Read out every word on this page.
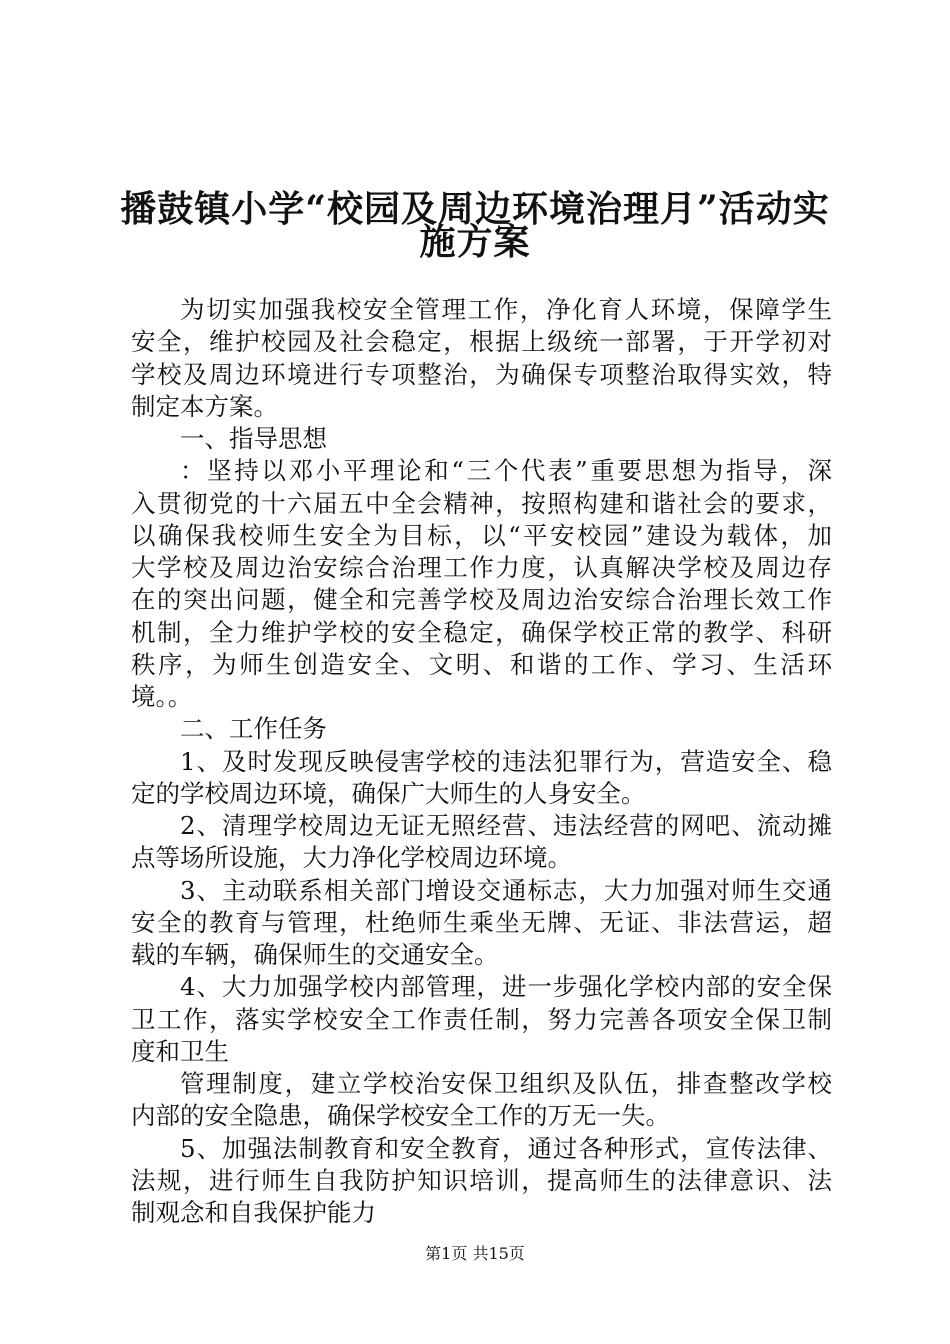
播鼓镇小学“校园及周边环境治理月”活动实
施方案
为切实加强我校安全管理工作，净化育人环境，保障学生
安全，维护校园及社会稳定，根据上级统一部署，于开学初对
学校及周边环境进行专项整治，为确保专项整治取得实效，特
制定本方案。
一、指导思想
：坚持以邓小平理论和“三个代表”重要思想为指导，深
入贯彻党的十六届五中全会精神，按照构建和谐社会的要求，
以确保我校师生安全为目标，以“平安校园”建设为载体，加
大学校及周边治安综合治理工作力度，认真解决学校及周边存
在的突出问题，健全和完善学校及周边治安综合治理长效工作
机制，全力维护学校的安全稳定，确保学校正常的教学、科研
秩序，为师生创造安全、文明、和谐的工作、学习、生活环
境。。
二、工作任务
1、及时发现反映侵害学校的违法犯罪行为，营造安全、稳
定的学校周边环境，确保广大师生的人身安全。
2、清理学校周边无证无照经营、违法经营的网吧、流动摊
点等场所设施，大力净化学校周边环境。
3、主动联系相关部门增设交通标志，大力加强对师生交通
安全的教育与管理，杜绝师生乘坐无牌、无证、非法营运，超
载的车辆，确保师生的交通安全。
4、大力加强学校内部管理，进一步强化学校内部的安全保
卫工作，落实学校安全工作责任制，努力完善各项安全保卫制
度和卫生
管理制度，建立学校治安保卫组织及队伍，排查整改学校
内部的安全隐患，确保学校安全工作的万无一失。
5、加强法制教育和安全教育，通过各种形式，宣传法律、
法规，进行师生自我防护知识培训，提高师生的法律意识、法
制观念和自我保护能力
第1页 共15页
